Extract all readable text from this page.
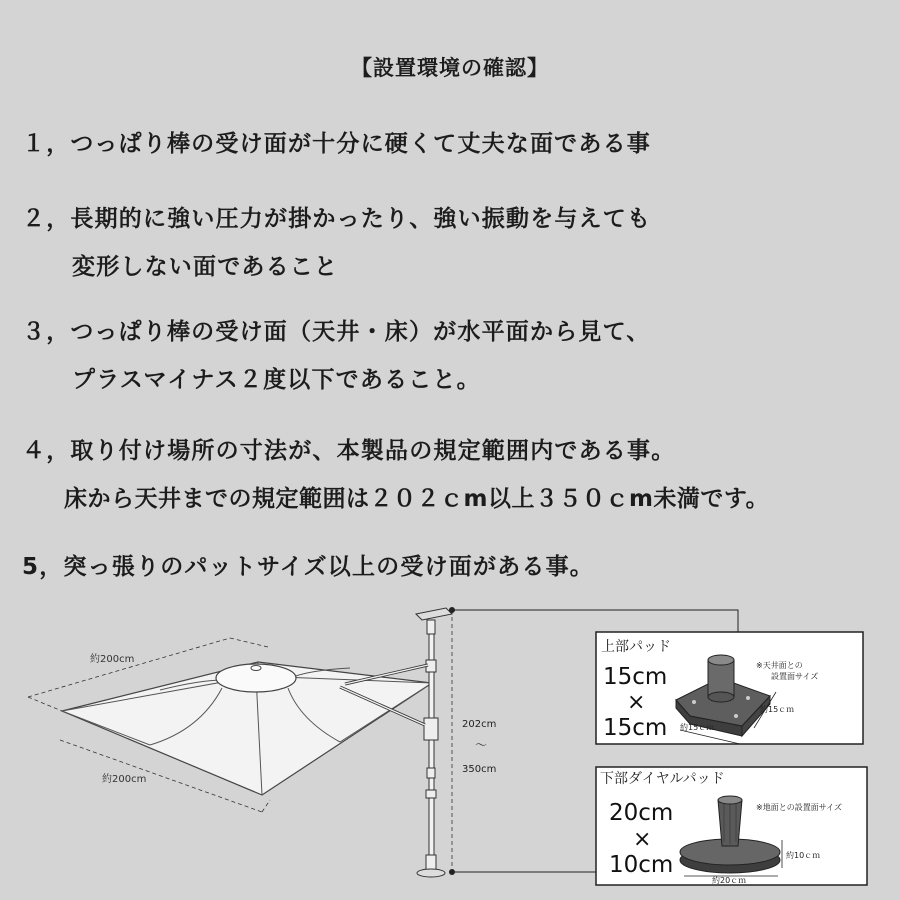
【設置環境の確認】
１，つっぱり棒の受け面が十分に硬くて丈夫な面である事
２，長期的に強い圧力が掛かったり、強い振動を与えても
変形しない面であること
３，つっぱり棒の受け面（天井・床）が水平面から見て、
プラスマイナス２度以下であること。
４，取り付け場所の寸法が、本製品の規定範囲内である事。
床から天井までの規定範囲は２０２ｃm以上３５０ｃm未満です。
5，突っ張りのパットサイズ以上の受け面がある事。
約200cm
約200cm
202cm
～
350cm
上部パッド
15cm
×
15cm
※天井面との
設置面サイズ
約15ｃｍ
約15ｃｍ
下部ダイヤルパッド
20cm
×
10cm
※地面との設置面サイズ
約10ｃｍ
約20ｃｍ
